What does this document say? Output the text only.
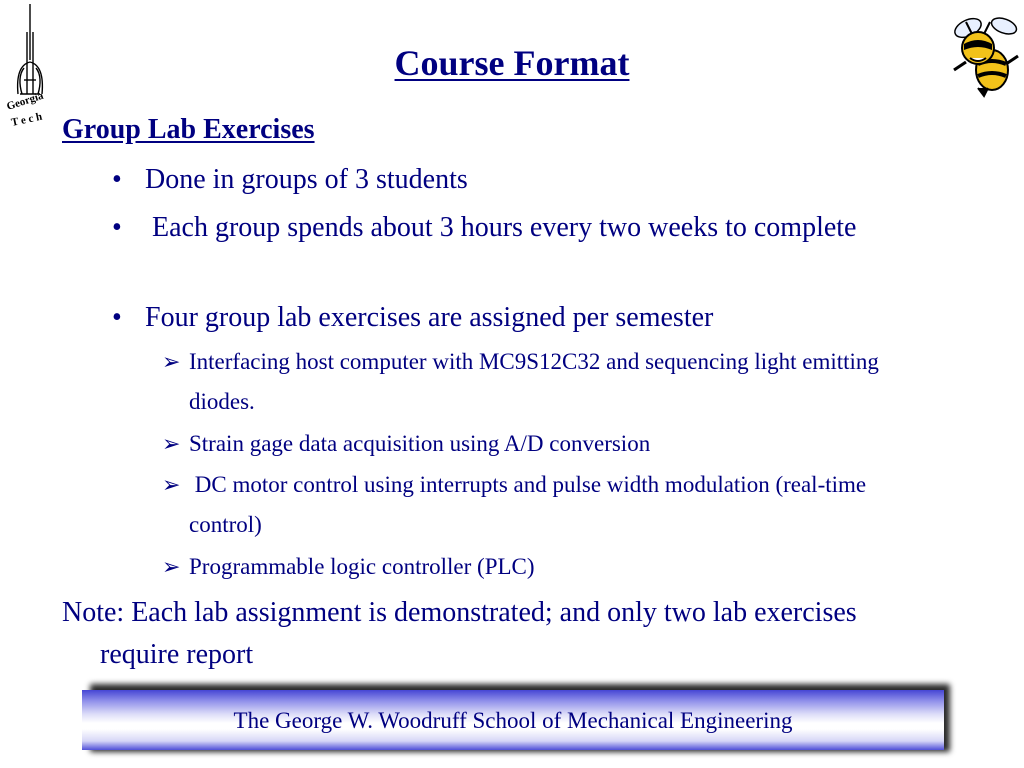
Georgia
T e c h
Course Format
Group Lab Exercises
• Done in groups of 3 students
• Each group spends about 3 hours every two weeks to complete
• Four group lab exercises are assigned per semester
➢ Interfacing host computer with MC9S12C32 and sequencing light emitting diodes.
➢ Strain gage data acquisition using A/D conversion
➢ DC motor control using interrupts and pulse width modulation (real-time control)
➢ Programmable logic controller (PLC)
Note: Each lab assignment is demonstrated; and only two lab exercises require report
The George W. Woodruff School of Mechanical Engineering
